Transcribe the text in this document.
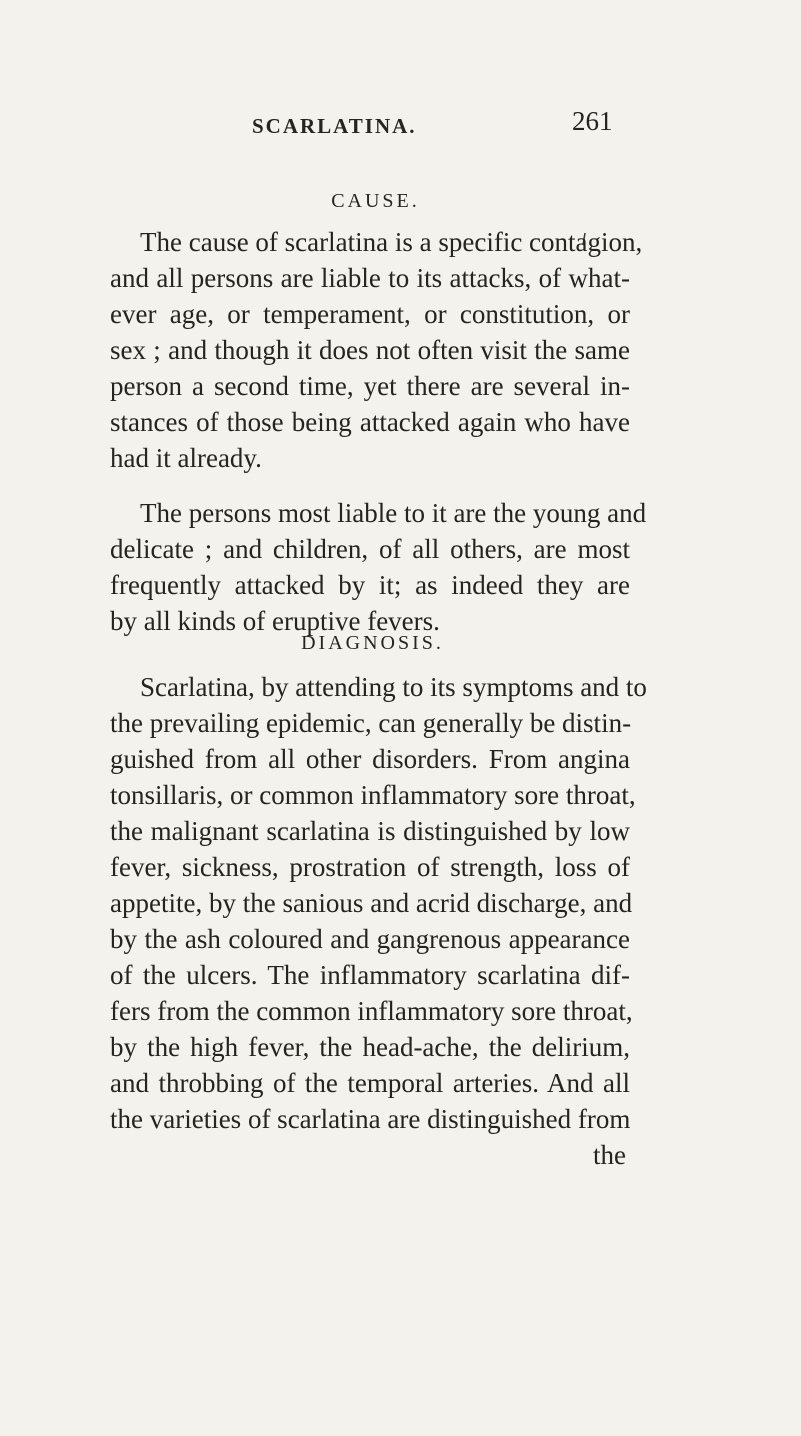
SCARLATINA.	261
CAUSE.
The cause of scarlatina is a specific contagion,
and all persons are liable to its attacks, of what-
ever age, or temperament, or constitution, or
sex ; and though it does not often visit the same
person a second time, yet there are several in-
stances of those being attacked again who have
had it already.
The persons most liable to it are the young and
delicate ; and children, of all others, are most
frequently attacked by it; as indeed they are
by all kinds of eruptive fevers.
DIAGNOSIS.
Scarlatina, by attending to its symptoms and to
the prevailing epidemic, can generally be distin-
guished from all other disorders. From angina
tonsillaris, or common inflammatory sore throat,
the malignant scarlatina is distinguished by low
fever, sickness, prostration of strength, loss of
appetite, by the sanious and acrid discharge, and
by the ash coloured and gangrenous appearance
of the ulcers. The inflammatory scarlatina dif-
fers from the common inflammatory sore throat,
by the high fever, the head-ache, the delirium,
and throbbing of the temporal arteries. And all
the varieties of scarlatina are distinguished from
the
